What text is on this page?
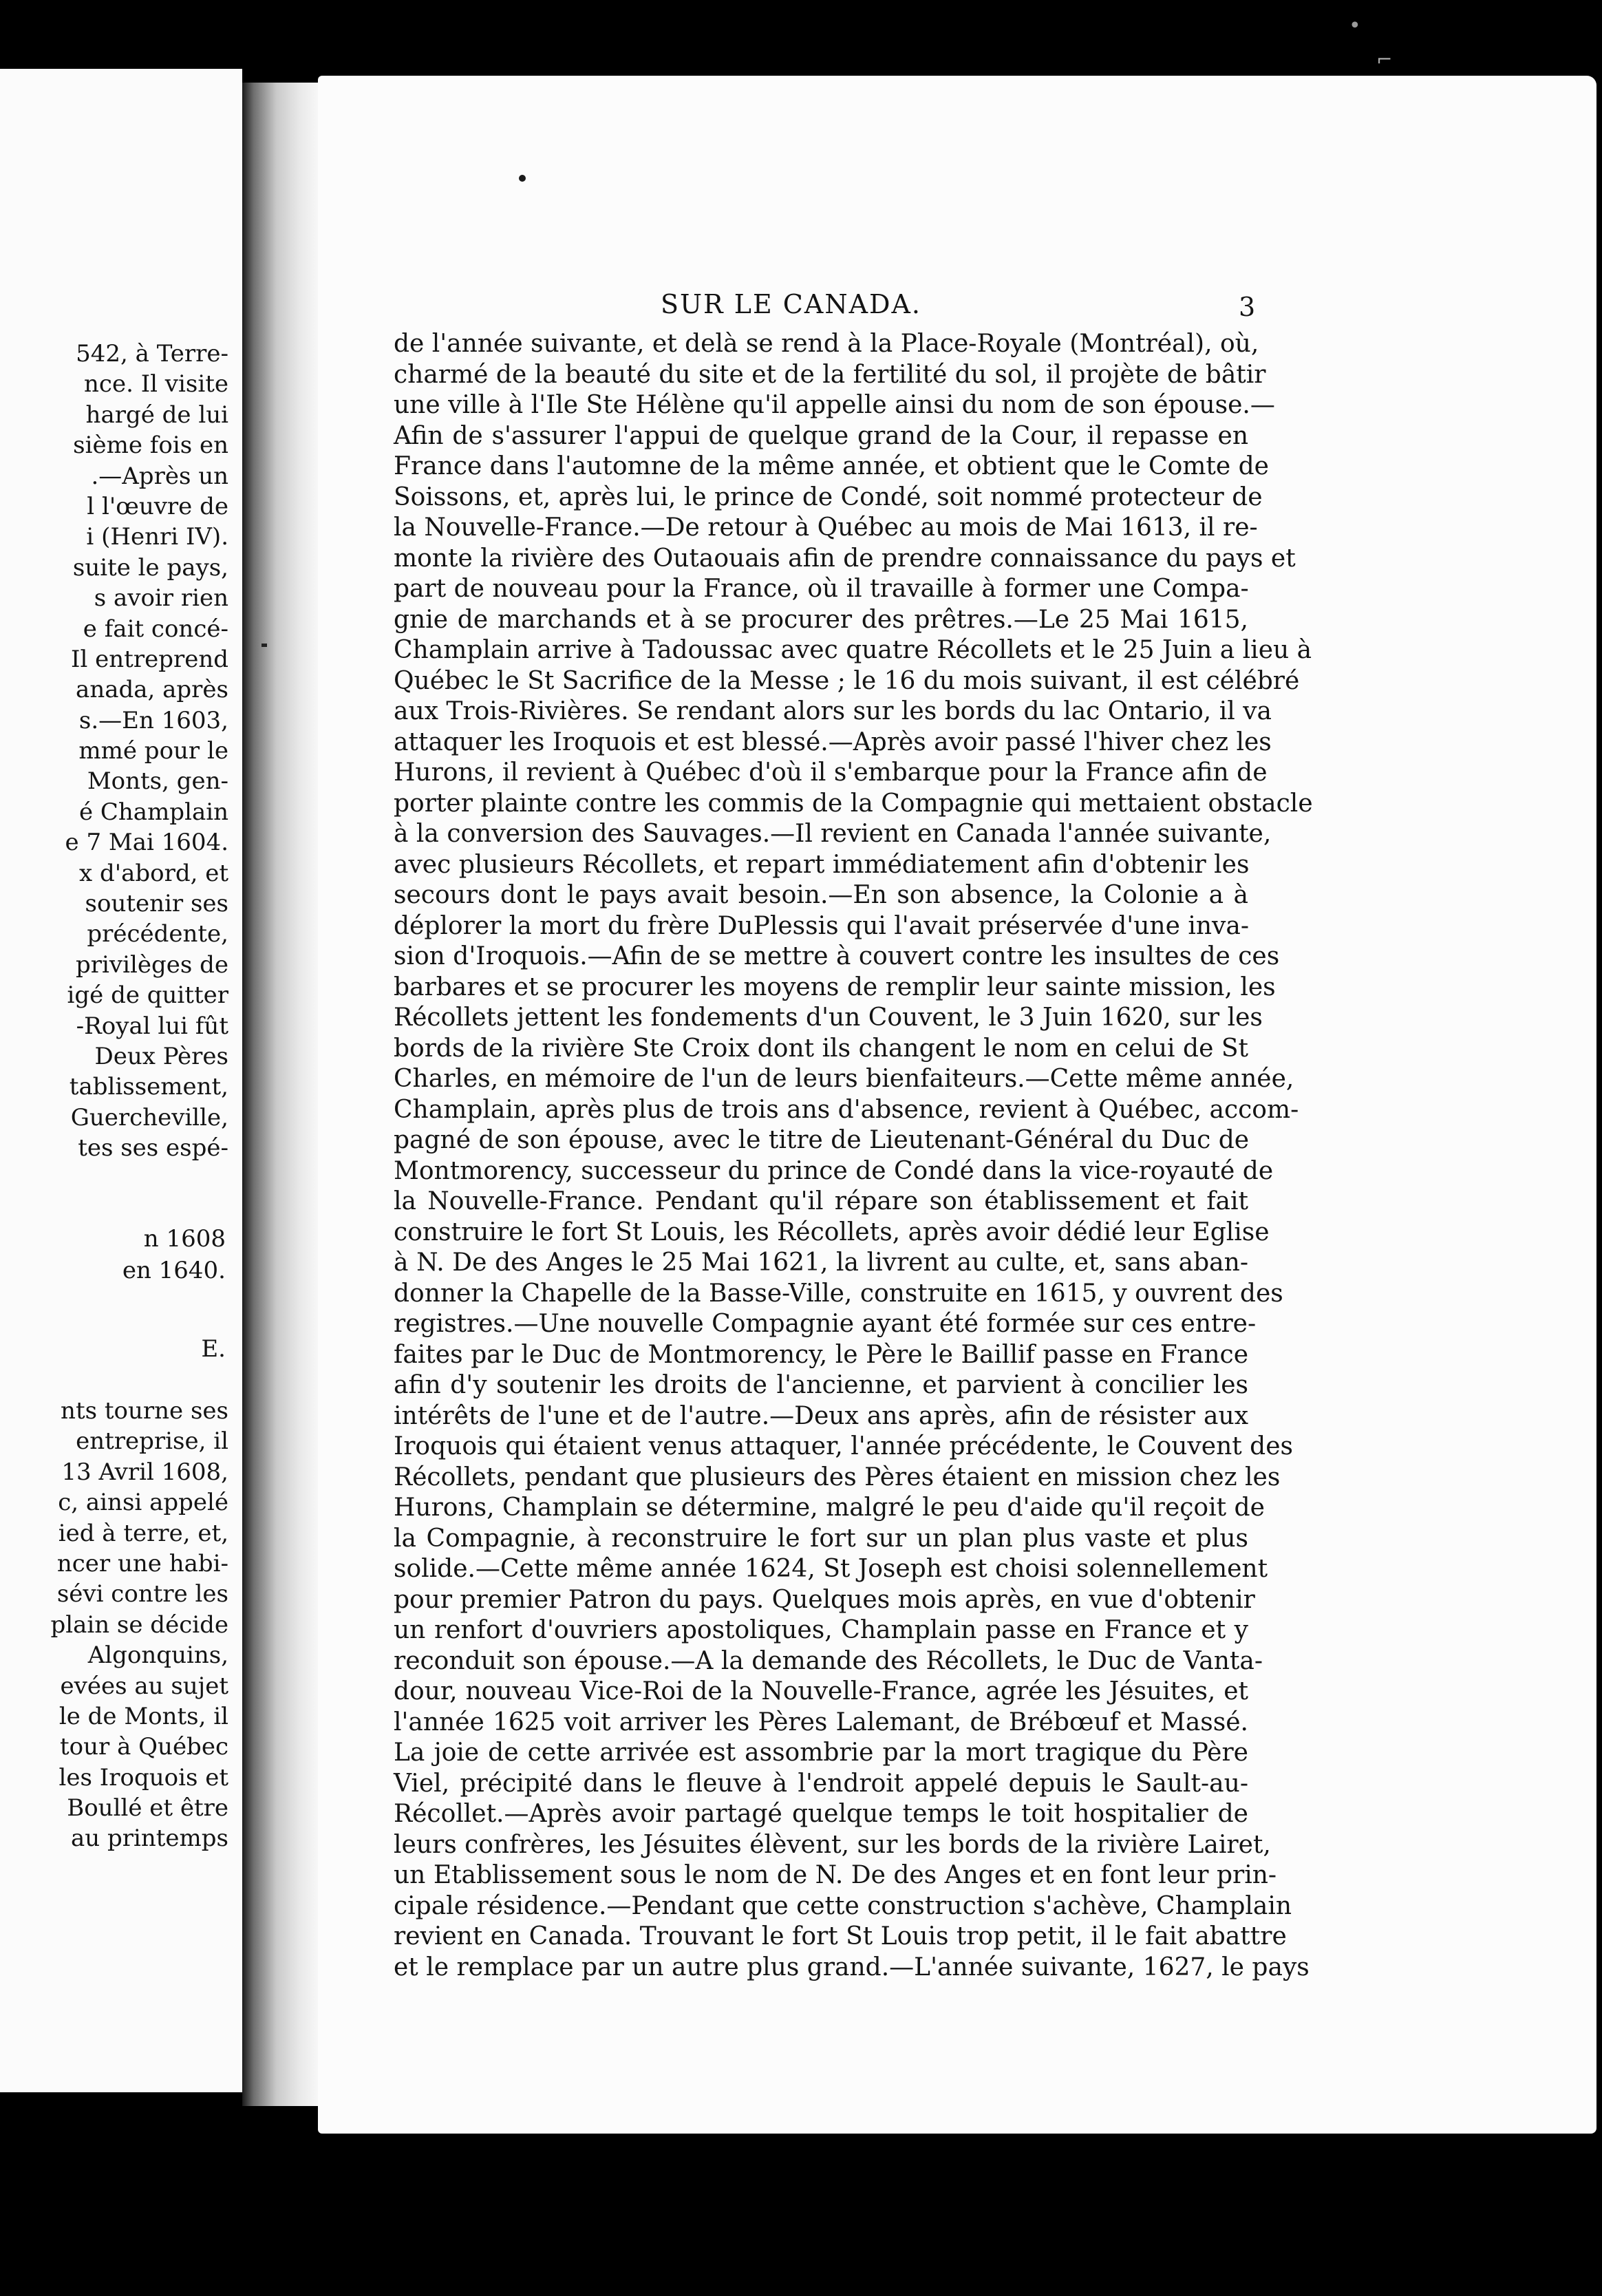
542, à Terre-
nce. Il visite
hargé de lui
sième fois en
.—Après un
l l'œuvre de
i (Henri IV).
suite le pays,
s avoir rien
e fait concé-
Il entreprend
anada, après
s.—En 1603,
mmé pour le
Monts, gen-
é Champlain
e 7 Mai 1604.
x d'abord, et
soutenir ses
précédente,
privilèges de
igé de quitter
-Royal lui fût
Deux Pères
tablissement,
Guercheville,
tes ses espé-
n 1608
en 1640.
E.
nts tourne ses
entreprise, il
13 Avril 1608,
c, ainsi appelé
ied à terre, et,
ncer une habi-
sévi contre les
plain se décide
Algonquins,
evées au sujet
le de Monts, il
tour à Québec
les Iroquois et
Boullé et être
au printemps
•
⌐
SUR LE CANADA.	3
de l'année suivante, et delà se rend à la Place-Royale (Montréal), où,
charmé de la beauté du site et de la fertilité du sol, il projète de bâtir
une ville à l'Ile Ste Hélène qu'il appelle ainsi du nom de son épouse.—
Afin de s'assurer l'appui de quelque grand de la Cour, il repasse en
France dans l'automne de la même année, et obtient que le Comte de
Soissons, et, après lui, le prince de Condé, soit nommé protecteur de
la Nouvelle-France.—De retour à Québec au mois de Mai 1613, il re-
monte la rivière des Outaouais afin de prendre connaissance du pays et
part de nouveau pour la France, où il travaille à former une Compa-
gnie de marchands et à se procurer des prêtres.—Le 25 Mai 1615,
Champlain arrive à Tadoussac avec quatre Récollets et le 25 Juin a lieu à
Québec le St Sacrifice de la Messe ; le 16 du mois suivant, il est célébré
aux Trois-Rivières. Se rendant alors sur les bords du lac Ontario, il va
attaquer les Iroquois et est blessé.—Après avoir passé l'hiver chez les
Hurons, il revient à Québec d'où il s'embarque pour la France afin de
porter plainte contre les commis de la Compagnie qui mettaient obstacle
à la conversion des Sauvages.—Il revient en Canada l'année suivante,
avec plusieurs Récollets, et repart immédiatement afin d'obtenir les
secours dont le pays avait besoin.—En son absence, la Colonie a à
déplorer la mort du frère DuPlessis qui l'avait préservée d'une inva-
sion d'Iroquois.—Afin de se mettre à couvert contre les insultes de ces
barbares et se procurer les moyens de remplir leur sainte mission, les
Récollets jettent les fondements d'un Couvent, le 3 Juin 1620, sur les
bords de la rivière Ste Croix dont ils changent le nom en celui de St
Charles, en mémoire de l'un de leurs bienfaiteurs.—Cette même année,
Champlain, après plus de trois ans d'absence, revient à Québec, accom-
pagné de son épouse, avec le titre de Lieutenant-Général du Duc de
Montmorency, successeur du prince de Condé dans la vice-royauté de
la Nouvelle-France. Pendant qu'il répare son établissement et fait
construire le fort St Louis, les Récollets, après avoir dédié leur Eglise
à N. De des Anges le 25 Mai 1621, la livrent au culte, et, sans aban-
donner la Chapelle de la Basse-Ville, construite en 1615, y ouvrent des
registres.—Une nouvelle Compagnie ayant été formée sur ces entre-
faites par le Duc de Montmorency, le Père le Baillif passe en France
afin d'y soutenir les droits de l'ancienne, et parvient à concilier les
intérêts de l'une et de l'autre.—Deux ans après, afin de résister aux
Iroquois qui étaient venus attaquer, l'année précédente, le Couvent des
Récollets, pendant que plusieurs des Pères étaient en mission chez les
Hurons, Champlain se détermine, malgré le peu d'aide qu'il reçoit de
la Compagnie, à reconstruire le fort sur un plan plus vaste et plus
solide.—Cette même année 1624, St Joseph est choisi solennellement
pour premier Patron du pays. Quelques mois après, en vue d'obtenir
un renfort d'ouvriers apostoliques, Champlain passe en France et y
reconduit son épouse.—A la demande des Récollets, le Duc de Vanta-
dour, nouveau Vice-Roi de la Nouvelle-France, agrée les Jésuites, et
l'année 1625 voit arriver les Pères Lalemant, de Brébœuf et Massé.
La joie de cette arrivée est assombrie par la mort tragique du Père
Viel, précipité dans le fleuve à l'endroit appelé depuis le Sault-au-
Récollet.—Après avoir partagé quelque temps le toit hospitalier de
leurs confrères, les Jésuites élèvent, sur les bords de la rivière Lairet,
un Etablissement sous le nom de N. De des Anges et en font leur prin-
cipale résidence.—Pendant que cette construction s'achève, Champlain
revient en Canada. Trouvant le fort St Louis trop petit, il le fait abattre
et le remplace par un autre plus grand.—L'année suivante, 1627, le pays
